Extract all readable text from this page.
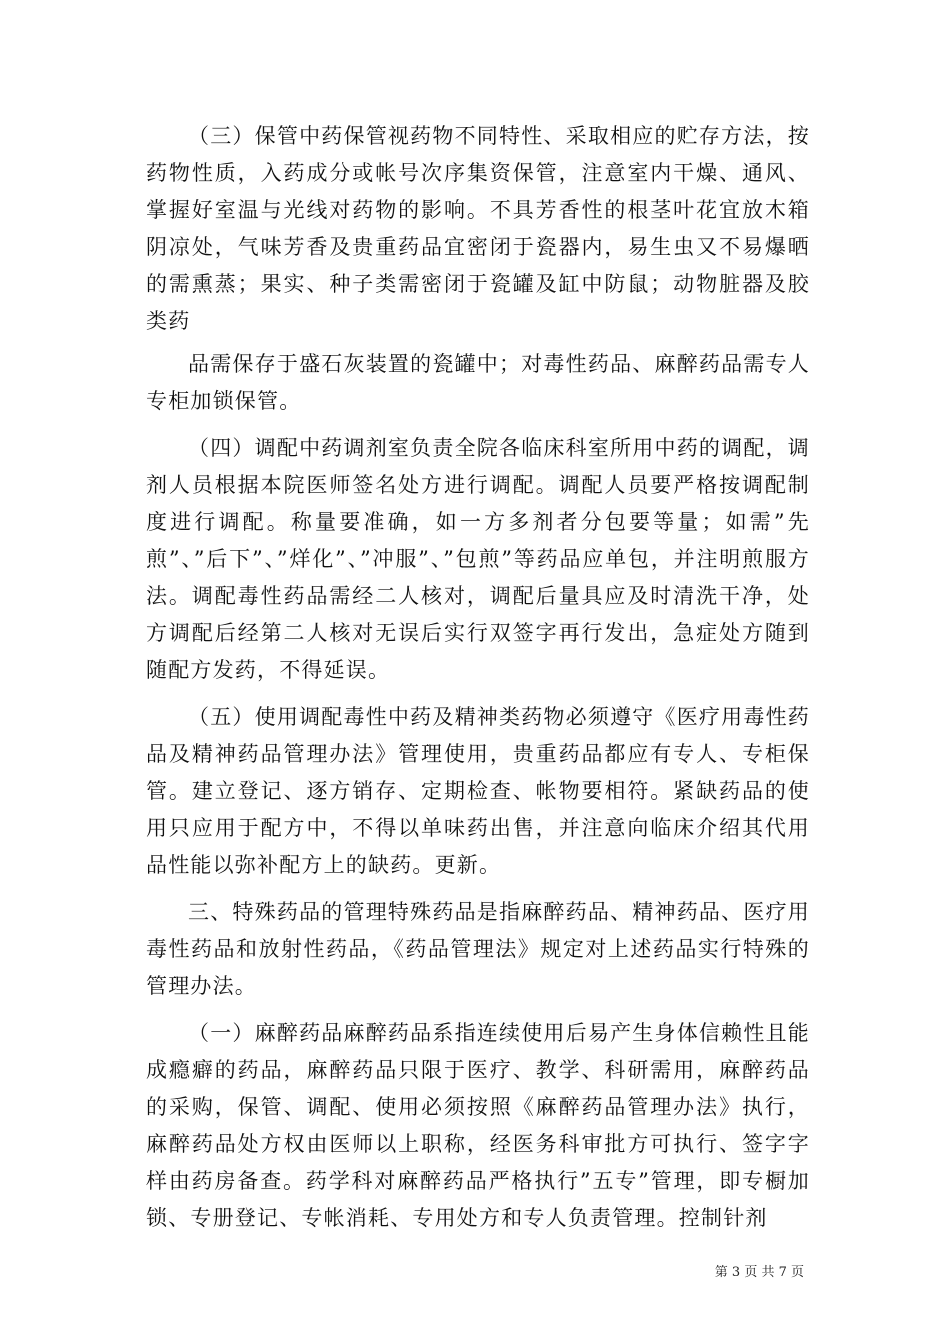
（三）保管中药保管视药物不同特性、采取相应的贮存方法，按药物性质，入药成分或帐号次序集资保管，注意室内干燥、通风、掌握好室温与光线对药物的影响。不具芳香性的根茎叶花宜放木箱阴凉处，气味芳香及贵重药品宜密闭于瓷器内，易生虫又不易爆晒的需熏蒸；果实、种子类需密闭于瓷罐及缸中防鼠；动物脏器及胶类药

品需保存于盛石灰装置的瓷罐中；对毒性药品、麻醉药品需专人专柜加锁保管。

（四）调配中药调剂室负责全院各临床科室所用中药的调配，调剂人员根据本院医师签名处方进行调配。调配人员要严格按调配制度进行调配。称量要准确，如一方多剂者分包要等量；如需”先煎”、”后下”、”烊化”、”冲服”、”包煎”等药品应单包，并注明煎服方法。调配毒性药品需经二人核对，调配后量具应及时清洗干净，处方调配后经第二人核对无误后实行双签字再行发出，急症处方随到随配方发药，不得延误。

（五）使用调配毒性中药及精神类药物必须遵守《医疗用毒性药品及精神药品管理办法》管理使用，贵重药品都应有专人、专柜保管。建立登记、逐方销存、定期检查、帐物要相符。紧缺药品的使用只应用于配方中，不得以单味药出售，并注意向临床介绍其代用品性能以弥补配方上的缺药。更新。

三、特殊药品的管理特殊药品是指麻醉药品、精神药品、医疗用毒性药品和放射性药品，《药品管理法》规定对上述药品实行特殊的管理办法。

（一）麻醉药品麻醉药品系指连续使用后易产生身体信赖性且能成瘾癖的药品，麻醉药品只限于医疗、教学、科研需用，麻醉药品的采购，保管、调配、使用必须按照《麻醉药品管理办法》执行，麻醉药品处方权由医师以上职称，经医务科审批方可执行、签字字样由药房备查。药学科对麻醉药品严格执行”五专”管理，即专橱加锁、专册登记、专帐消耗、专用处方和专人负责管理。控制针剂

第 3 页 共 7 页
